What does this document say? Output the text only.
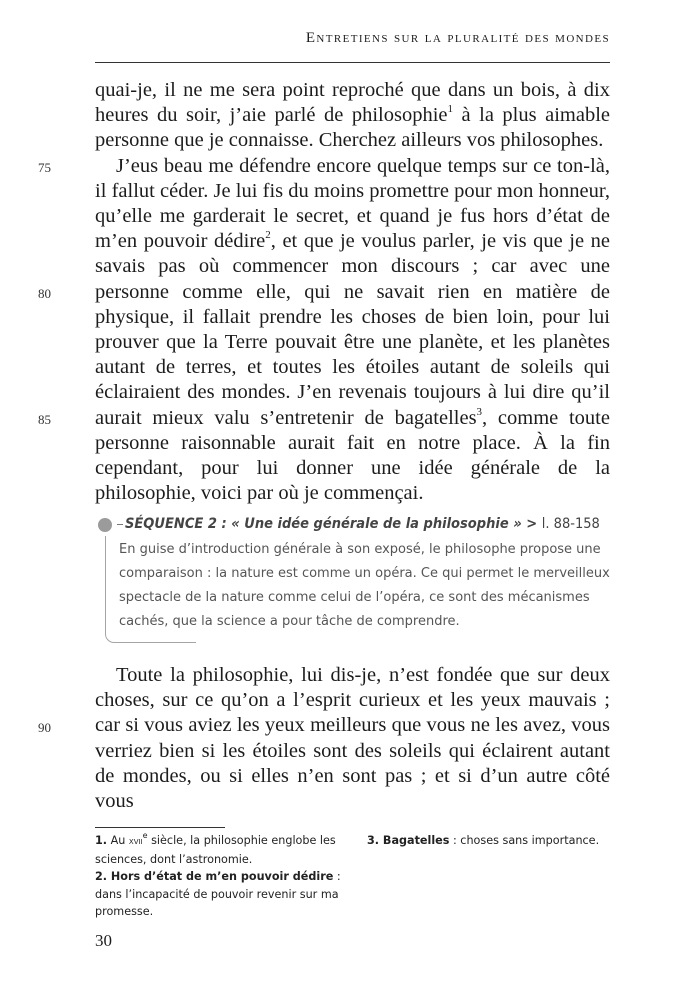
Entretiens sur la pluralité des mondes

quai-je, il ne me sera point reproché que dans un bois, à dix heures du soir, j’aie parlé de philosophie$^1$ à la plus aimable personne que je connaisse. Cherchez ailleurs vos philosophes.

J’eus beau me défendre encore quelque temps sur ce ton-là, il fallut céder. Je lui fis du moins promettre pour mon honneur, qu’elle me garderait le secret, et quand je fus hors d’état de m’en pouvoir dédire$^2$, et que je voulus parler, je vis que je ne savais pas où commencer mon discours ; car avec une personne comme elle, qui ne savait rien en matière de physique, il fallait prendre les choses de bien loin, pour lui prouver que la Terre pouvait être une planète, et les planètes autant de terres, et toutes les étoiles autant de soleils qui éclairaient des mondes. J’en revenais toujours à lui dire qu’il aurait mieux valu s’entretenir de bagatelles$^3$, comme toute personne raisonnable aurait fait en notre place. À la fin cependant, pour lui donner une idée générale de la philosophie, voici par où je commençai.

75
80
85
90
SÉQUENCE 2 : « Une idée générale de la philosophie » > l. 88-158
En guise d’introduction générale à son exposé, le philosophe propose une comparaison : la nature est comme un opéra. Ce qui permet le merveilleux spectacle de la nature comme celui de l’opéra, ce sont des mécanismes cachés, que la science a pour tâche de comprendre.

Toute la philosophie, lui dis-je, n’est fondée que sur deux choses, sur ce qu’on a l’esprit curieux et les yeux mauvais ; car si vous aviez les yeux meilleurs que vous ne les avez, vous verriez bien si les étoiles sont des soleils qui éclairent autant de mondes, ou si elles n’en sont pas ; et si d’un autre côté vous

1. Au xvii$^e$ siècle, la philosophie englobe les sciences, dont l’astronomie.
2. Hors d’état de m’en pouvoir dédire : dans l’incapacité de pouvoir revenir sur ma promesse.
3. Bagatelles : choses sans importance.
30
